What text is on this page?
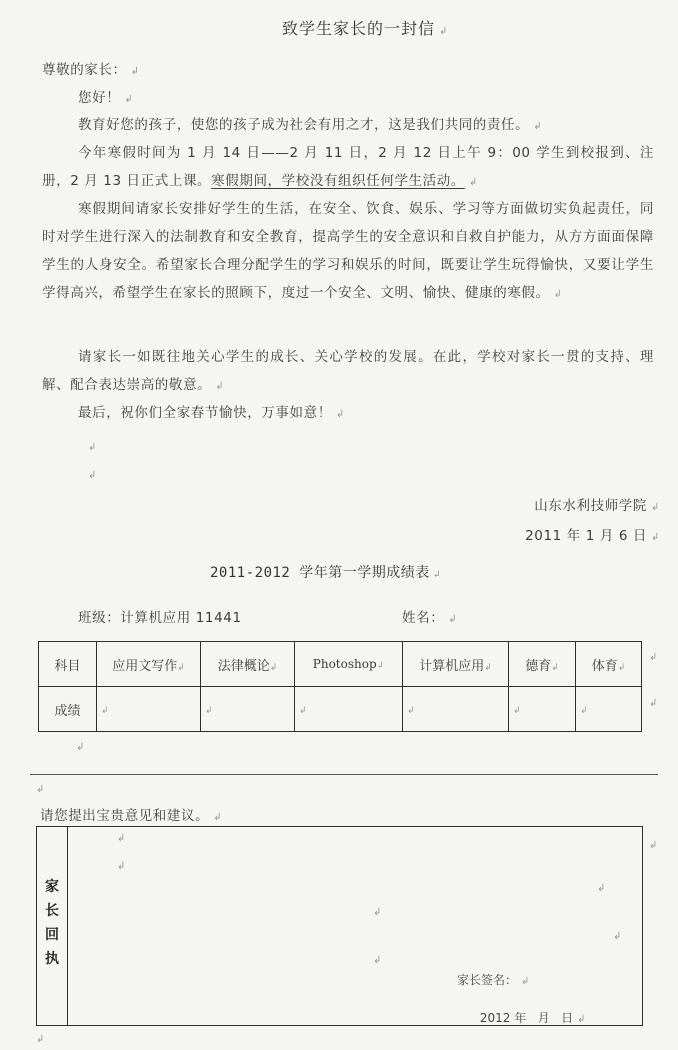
致学生家长的一封信 ↲
尊敬的家长： ↲
您好！ ↲
教育好您的孩子，使您的孩子成为社会有用之才，这是我们共同的责任。 ↲
今年寒假时间为 1 月 14 日——2 月 11 日，2 月 12 日上午 9：00 学生到校报到、注册，2 月 13 日正式上课。寒假期间，学校没有组织任何学生活动。 ↲
寒假期间请家长安排好学生的生活，在安全、饮食、娱乐、学习等方面做切实负起责任，同时对学生进行深入的法制教育和安全教育，提高学生的安全意识和自救自护能力，从方方面面保障学生的人身安全。希望家长合理分配学生的学习和娱乐的时间，既要让学生玩得愉快，又要让学生学得高兴，希望学生在家长的照顾下，度过一个安全、文明、愉快、健康的寒假。 ↲
请家长一如既往地关心学生的成长、关心学校的发展。在此，学校对家长一贯的支持、理解、配合表达崇高的敬意。 ↲
最后，祝你们全家春节愉快，万事如意！ ↲
↲
↲
山东水利技师学院 ↲
2011 年 1 月 6 日 ↲
2011-2012 学年第一学期成绩表 ↲
班级：计算机应用 11441	姓名： ↲
科目	应用文写作↲	法律概论↲	Photoshop↲	计算机应用↲	德育↲	体育↲
成绩	↲	↲	↲	↲	↲	↲
↲
↲
↲
↲
请您提出宝贵意见和建议。 ↲
家长回执
↲
↲
↲
↲
↲
↲
家长签名： ↲

2012 年   月   日 ↲

↲
↲
